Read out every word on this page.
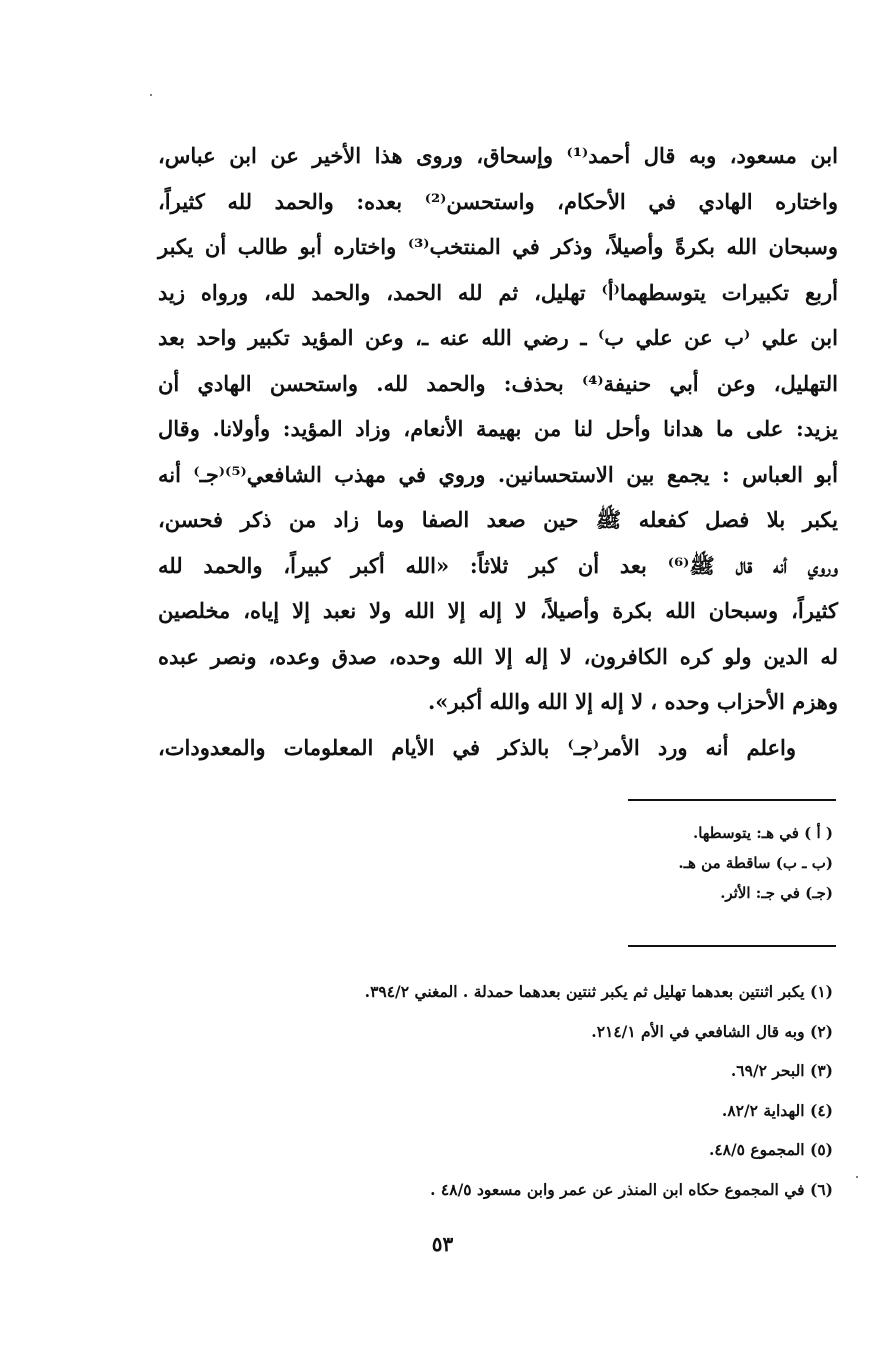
ابن مسعود، وبه قال أحمد⁽¹⁾ وإسحاق، وروى هذا الأخير عن ابن عباس،
واختاره الهادي في الأحكام، واستحسن⁽²⁾ بعده: والحمد لله كثيراً،
وسبحان الله بكرةً وأصيلاً، وذكر في المنتخب⁽³⁾ واختاره أبو طالب أن يكبر
أربع تكبيرات يتوسطهما⁽أ⁾ تهليل، ثم لله الحمد، والحمد لله، ورواه زيد
ابن علي ⁽ب عن علي ب⁾ ـ رضي الله عنه ـ، وعن المؤيد تكبير واحد بعد
التهليل، وعن أبي حنيفة⁽⁴⁾ بحذف: والحمد لله. واستحسن الهادي أن
يزيد: على ما هدانا وأحل لنا من بهيمة الأنعام، وزاد المؤيد: وأولانا. وقال
أبو العباس : يجمع بين الاستحسانين. وروي في مهذب الشافعي⁽⁵⁾⁽جـ⁾ أنه
يكبر بلا فصل كفعله ﷺ حين صعد الصفا وما زاد من ذكر فحسن،
وروي أنه قال ﷺ⁽⁶⁾ بعد أن كبر ثلاثاً: «الله أكبر كبيراً، والحمد لله
كثيراً، وسبحان الله بكرة وأصيلاً، لا إله إلا الله ولا نعبد إلا إياه، مخلصين
له الدين ولو كره الكافرون، لا إله إلا الله وحده، صدق وعده، ونصر عبده
وهزم الأحزاب وحده ، لا إله إلا الله والله أكبر».
واعلم أنه ورد الأمر⁽جـ⁾ بالذكر في الأيام المعلومات والمعدودات،
( أ ) في هـ: يتوسطها.
(ب ـ ب) ساقطة من هـ.
(جـ) في جـ: الأثر.
(١) يكبر اثنتين بعدهما تهليل ثم يكبر ثنتين بعدهما حمدلة . المغني ٣٩٤/٢.
(٢) وبه قال الشافعي في الأم ٢١٤/١.
(٣) البحر ٦٩/٢.
(٤) الهداية ٨٢/٢.
(٥) المجموع ٤٨/٥.
(٦) في المجموع حكاه ابن المنذر عن عمر وابن مسعود ٤٨/٥ .
٥٣
